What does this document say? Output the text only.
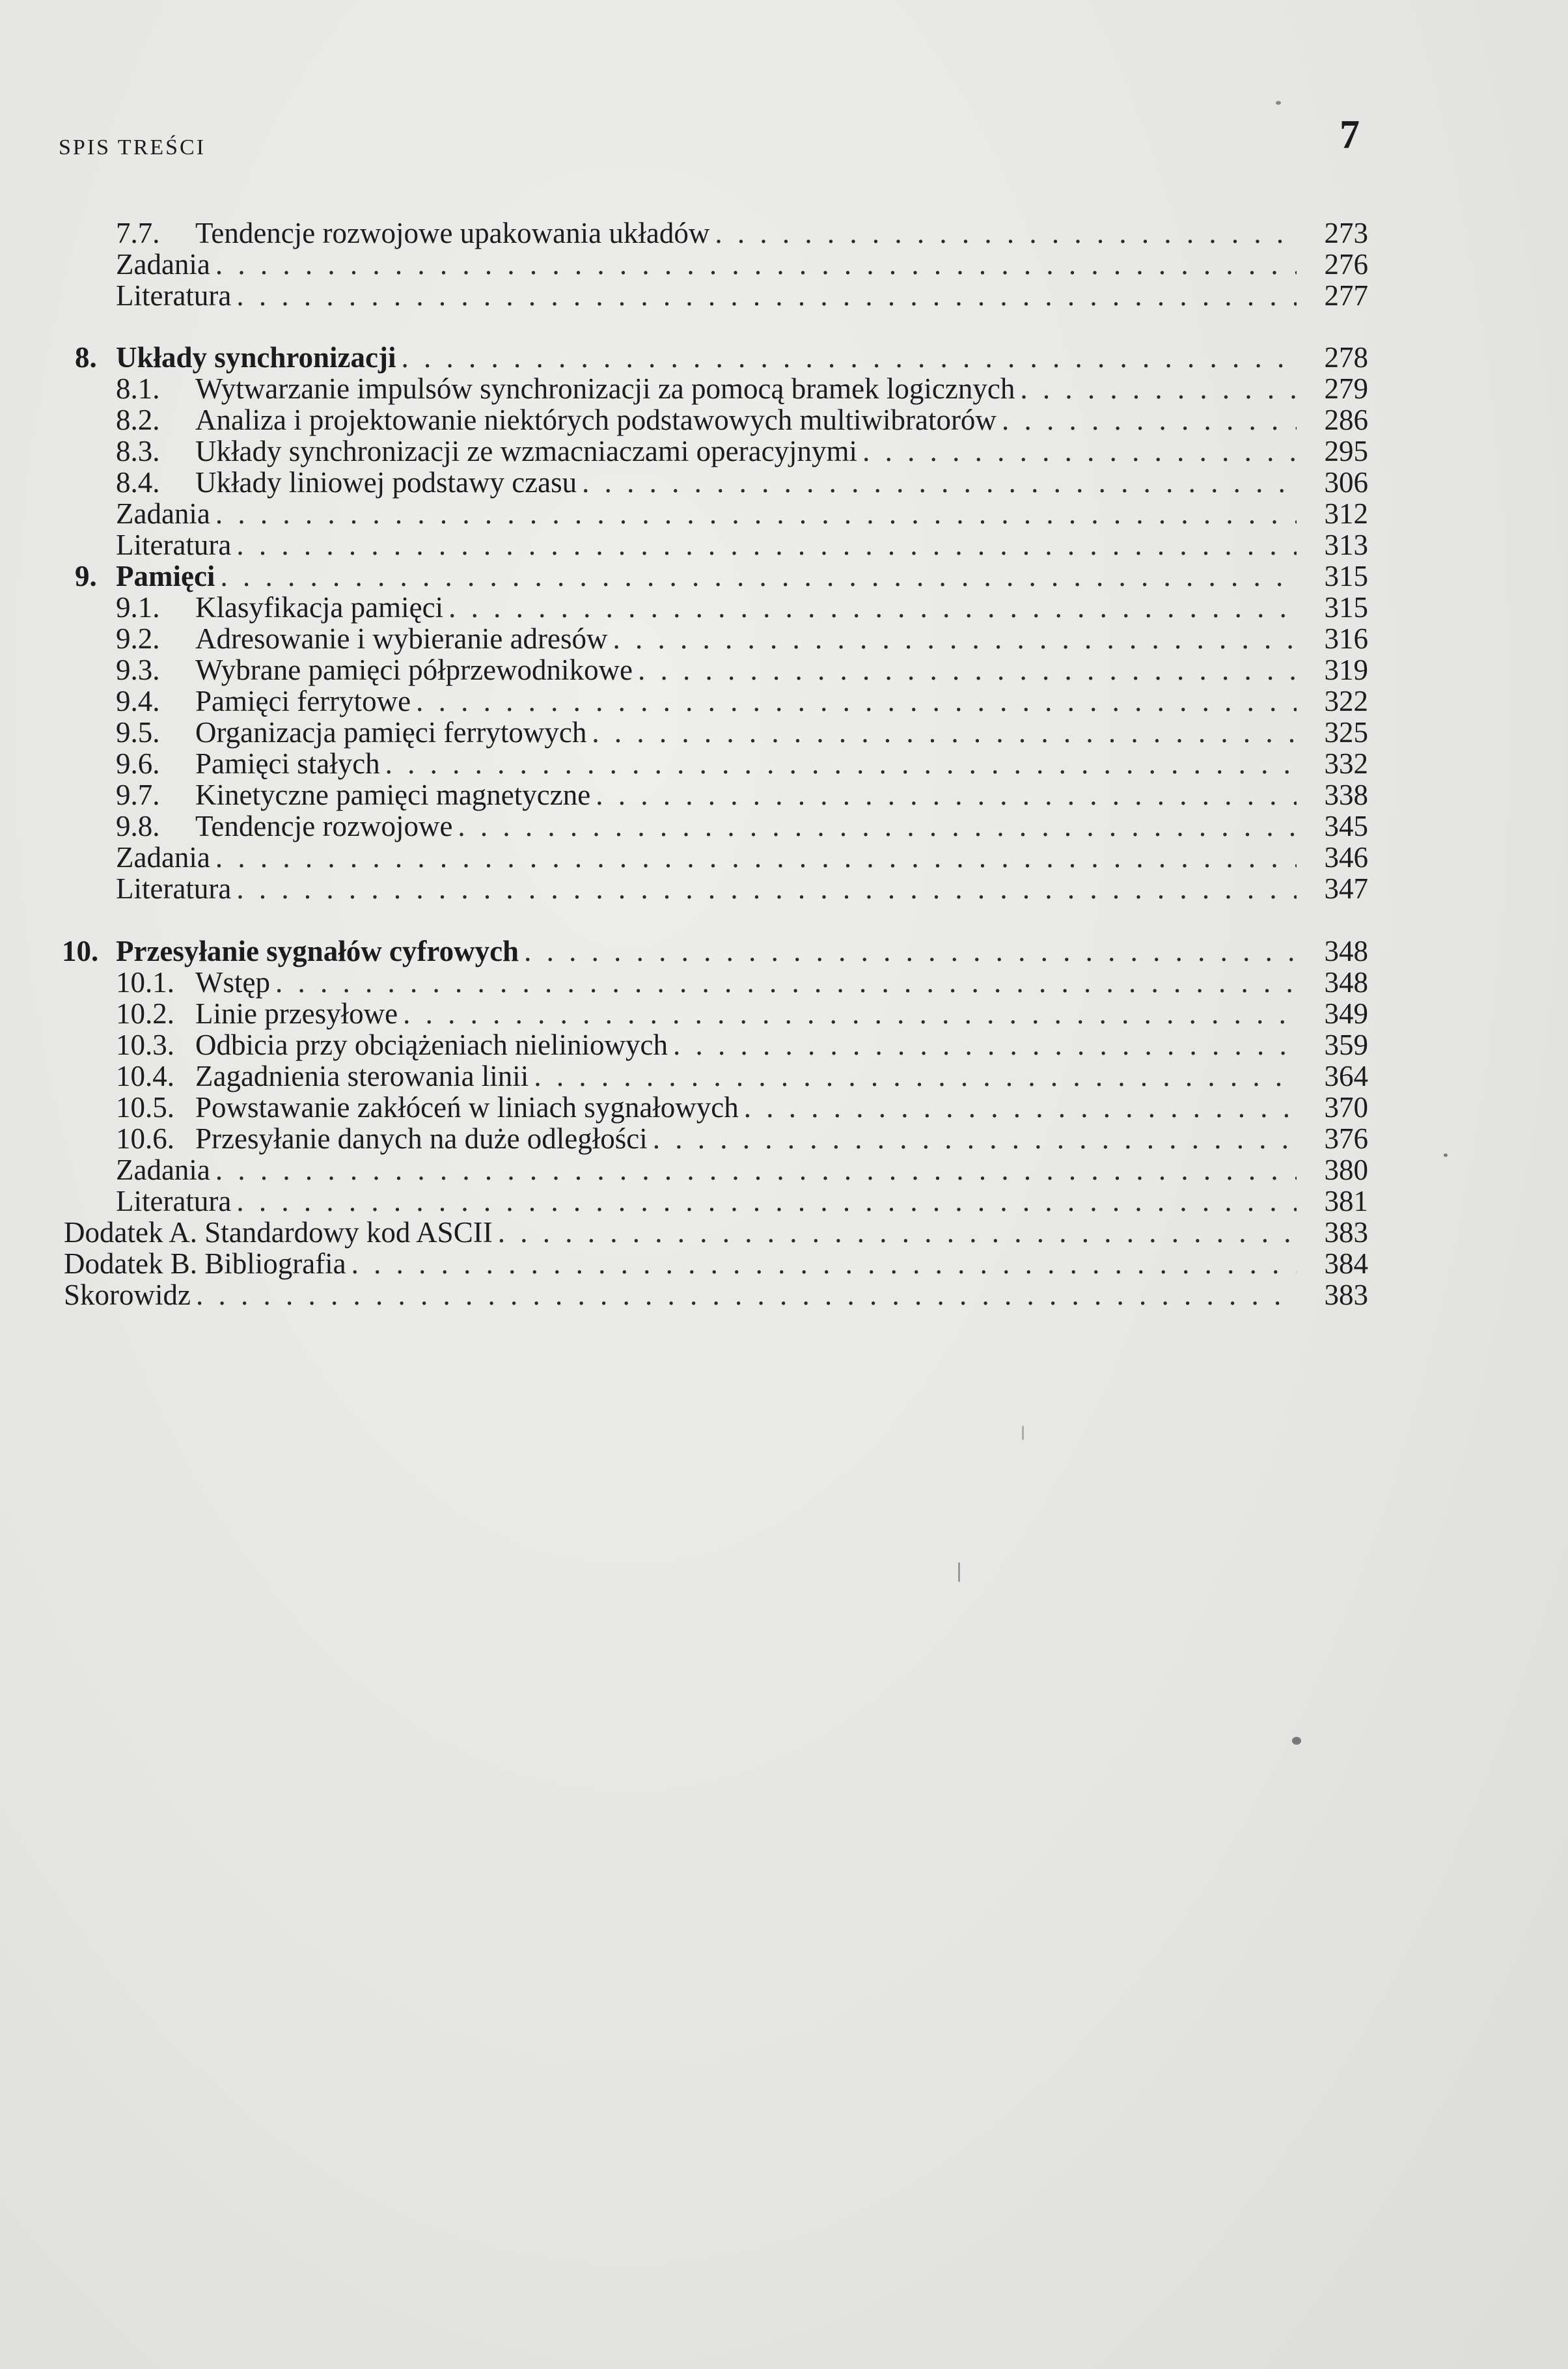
SPIS TREŚCI	7
7.7.	Tendencje rozwojowe upakowania układów . . .	273
Zadania . . .	276
Literatura . . .	277
8. Układy synchronizacji . . .	278
8.1.	Wytwarzanie impulsów synchronizacji za pomocą bramek logicznych . . .	279
8.2.	Analiza i projektowanie niektórych podstawowych multiwibratorów . . .	286
8.3.	Układy synchronizacji ze wzmacniaczami operacyjnymi . . .	295
8.4.	Układy liniowej podstawy czasu . . .	306
Zadania . . .	312
Literatura . . .	313
9. Pamięci . . .	315
9.1.	Klasyfikacja pamięci . . .	315
9.2.	Adresowanie i wybieranie adresów . . .	316
9.3.	Wybrane pamięci półprzewodnikowe . . .	319
9.4.	Pamięci ferrytowe . . .	322
9.5.	Organizacja pamięci ferrytowych . . .	325
9.6.	Pamięci stałych . . .	332
9.7.	Kinetyczne pamięci magnetyczne . . .	338
9.8.	Tendencje rozwojowe . . .	345
Zadania . . .	346
Literatura . . .	347
10. Przesyłanie sygnałów cyfrowych . . .	348
10.1. Wstęp . . .	348
10.2. Linie przesyłowe . . .	349
10.3. Odbicia przy obciążeniach nieliniowych . . .	359
10.4. Zagadnienia sterowania linii . . .	364
10.5. Powstawanie zakłóceń w liniach sygnałowych . . .	370
10.6. Przesyłanie danych na duże odległości . . .	376
Zadania . . .	380
Literatura . . .	381
Dodatek A. Standardowy kod ASCII . . .	383
Dodatek B. Bibliografia . . .	384
Skorowidz . . .	383
